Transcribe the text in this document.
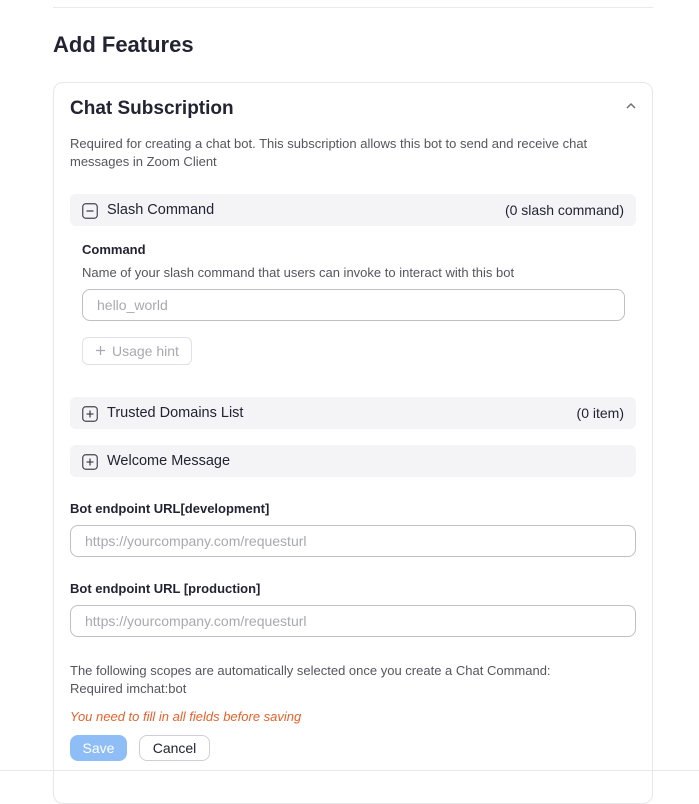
Add Features
Chat Subscription
Required for creating a chat bot. This subscription allows this bot to send and receive chat messages in Zoom Client
Slash Command	(0 slash command)
Command
Name of your slash command that users can invoke to interact with this bot
hello_world
Usage hint
Trusted Domains List	(0 item)
Welcome Message
Bot endpoint URL[development]
https://yourcompany.com/requesturl
Bot endpoint URL [production]
https://yourcompany.com/requesturl
The following scopes are automatically selected once you create a Chat Command:
Required imchat:bot
You need to fill in all fields before saving
Save	Cancel
